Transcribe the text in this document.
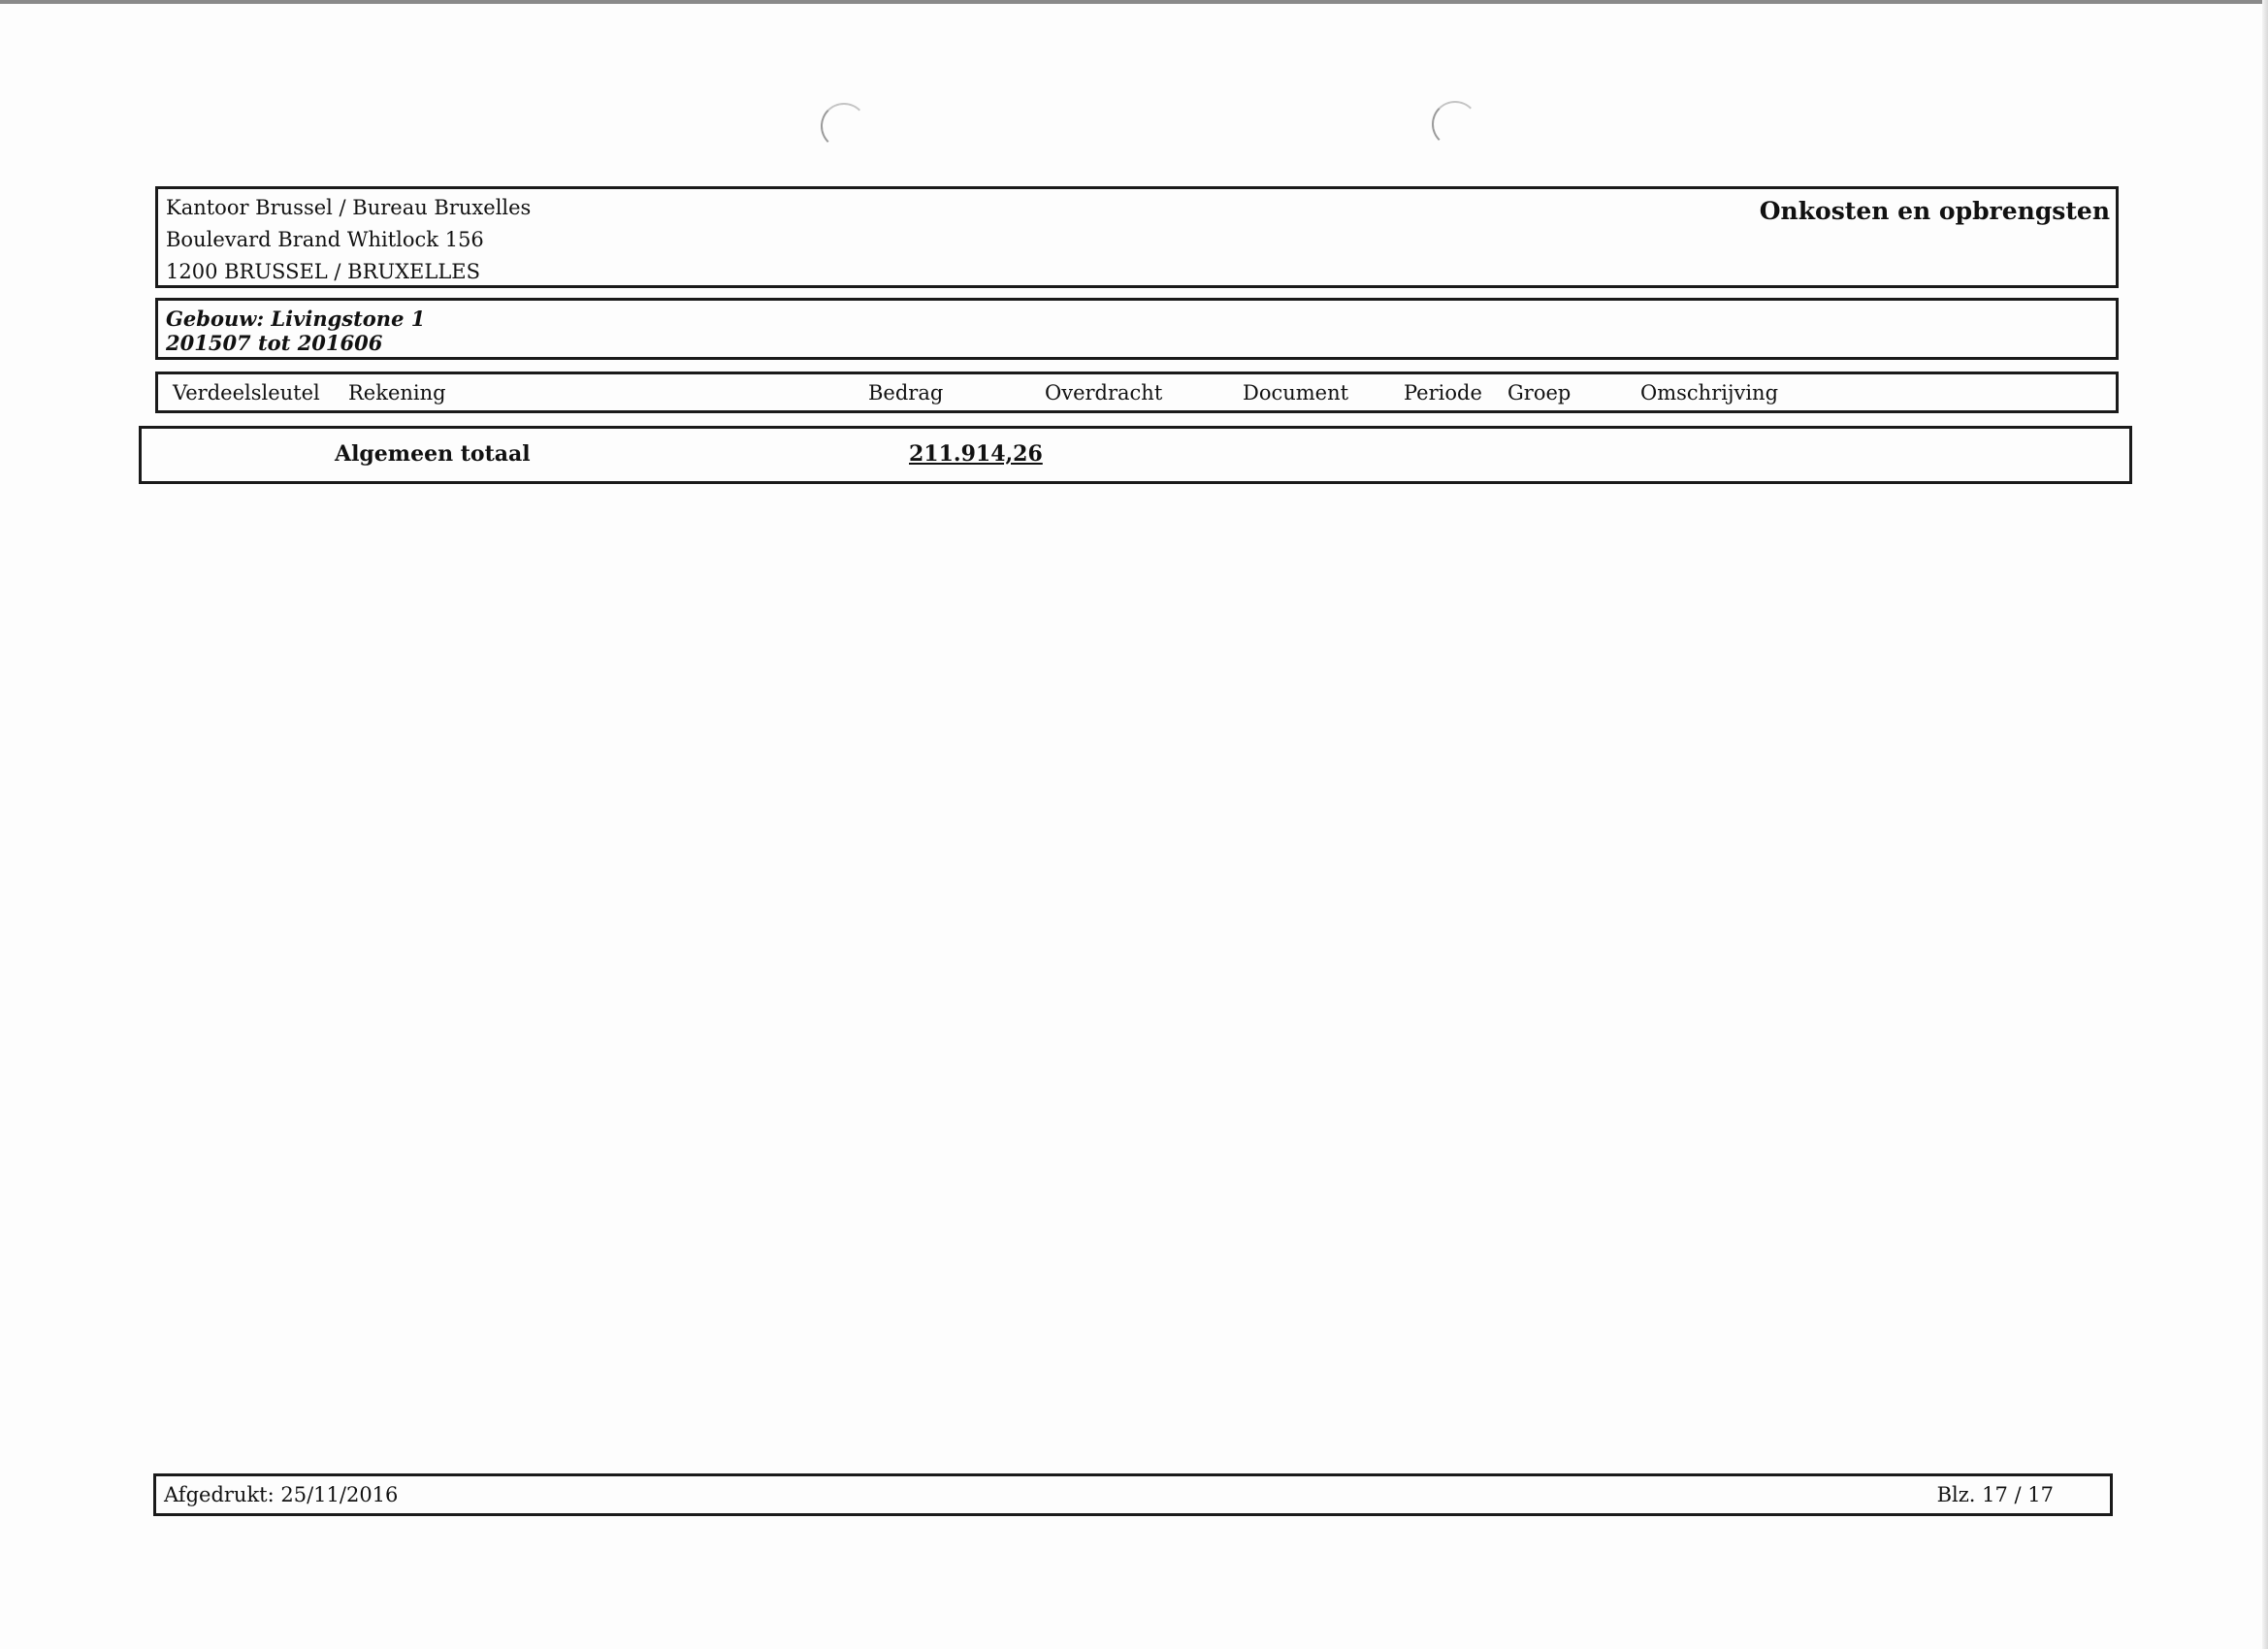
Kantoor Brussel / Bureau Bruxelles
Boulevard Brand Whitlock 156
1200 BRUSSEL / BRUXELLES
Onkosten en opbrengsten
Gebouw: Livingstone 1
201507 tot 201606
Verdeelsleutel Rekening	Bedrag	Overdracht	Document	Periode Groep	Omschrijving
Algemeen totaal	211.914,26
Afgedrukt: 25/11/2016	Blz. 17 / 17
